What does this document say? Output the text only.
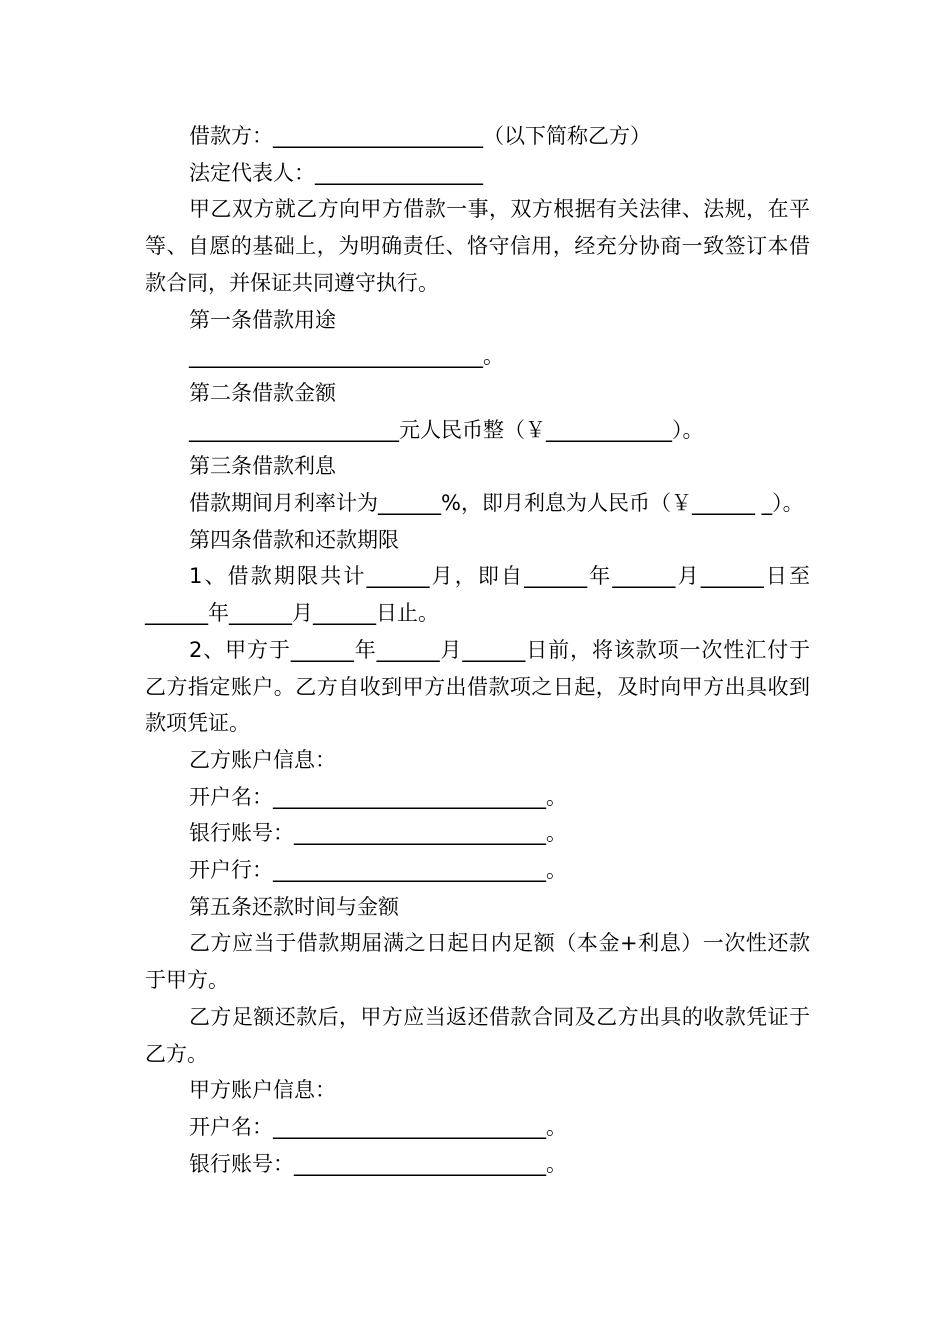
借款方：____________________（以下简称乙方）

法定代表人：________________

甲乙双方就乙方向甲方借款一事，双方根据有关法律、法规，在平等、自愿的基础上，为明确责任、恪守信用，经充分协商一致签订本借款合同，并保证共同遵守执行。

第一条借款用途

____________________________。

第二条借款金额

____________________元人民币整（￥____________）。

第三条借款利息

借款期间月利率计为______%，即月利息为人民币（￥______ _）。

第四条借款和还款期限

1、借款期限共计______月，即自______年______月______日至______年______月______日止。

2、甲方于______年______月______日前，将该款项一次性汇付于乙方指定账户。乙方自收到甲方出借款项之日起，及时向甲方出具收到款项凭证。

乙方账户信息：

开户名：__________________________。

银行账号：________________________。

开户行：__________________________。

第五条还款时间与金额

乙方应当于借款期届满之日起日内足额（本金+利息）一次性还款于甲方。

乙方足额还款后，甲方应当返还借款合同及乙方出具的收款凭证于乙方。

甲方账户信息：

开户名：__________________________。

银行账号：________________________。
